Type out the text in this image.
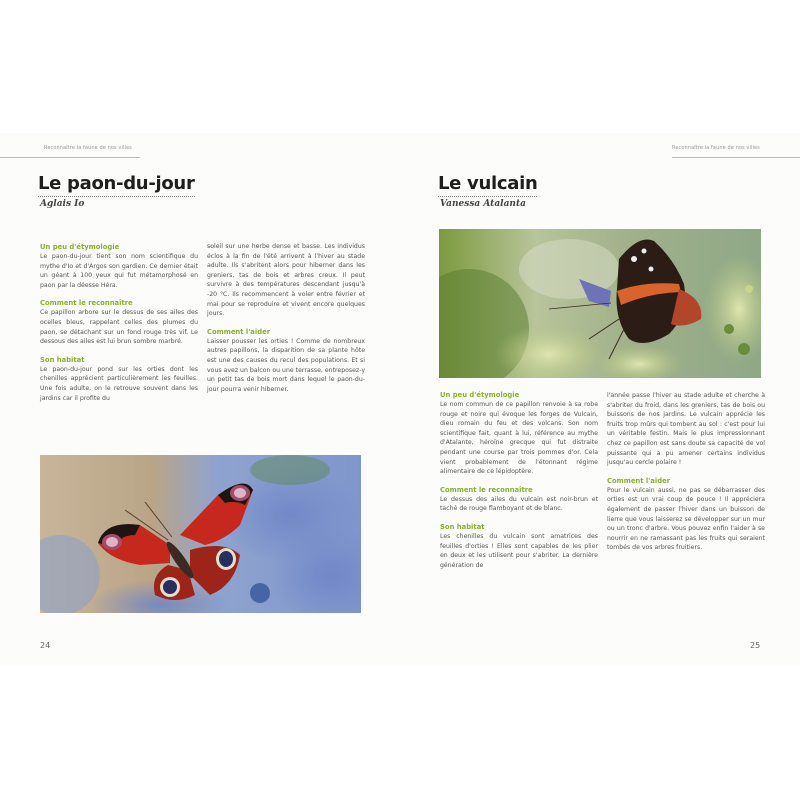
Reconnaître la faune de nos villes
Le paon-du-jour
Aglais Io
Un peu d'étymologie

Le paon-du-jour tient son nom scientifique du mythe d'Io et d'Argos son gardien. Ce dernier était un géant à 100 yeux qui fut métamorphosé en paon par la déesse Héra.

Comment le reconnaître

Ce papillon arbore sur le dessus de ses ailes des ocelles bleus, rappelant celles des plumes du paon, se détachant sur un fond rouge très vif. Le dessous des ailes est lui brun sombre marbré.

Son habitat

Le paon-du-jour pond sur les orties dont les chenilles apprécient particulièrement les feuilles. Une fois adulte, on le retrouve souvent dans les jardins car il profite du

soleil sur une herbe dense et basse. Les individus éclos à la fin de l'été arrivent à l'hiver au stade adulte. Ils s'abritent alors pour hiberner dans les greniers, tas de bois et arbres creux. Il peut survivre à des températures descendant jusqu'à -20 °C. Ils recommencent à voler entre février et mai pour se reproduire et vivent encore quelques jours.

Comment l'aider

Laisser pousser les orties ! Comme de nombreux autres papillons, la disparition de sa plante hôte est une des causes du recul des populations. Et si vous avez un balcon ou une terrasse, entreposez-y un petit tas de bois mort dans lequel le paon-du-jour pourra venir hiberner.

24
Reconnaître la faune de nos villes
Le vulcain
Vanessa Atalanta
Un peu d'étymologie

Le nom commun de ce papillon renvoie à sa robe rouge et noire qui évoque les forges de Vulcain, dieu romain du feu et des volcans. Son nom scientifique fait, quant à lui, référence au mythe d'Atalante, héroïne grecque qui fut distraite pendant une course par trois pommes d'or. Cela vient probablement de l'étonnant régime alimentaire de ce lépidoptère.

Comment le reconnaître

Le dessus des ailes du vulcain est noir-brun et taché de rouge flamboyant et de blanc.

Son habitat

Les chenilles du vulcain sont amatrices des feuilles d'orties ! Elles sont capables de les plier en deux et les utilisent pour s'abriter. La dernière génération de

l'année passe l'hiver au stade adulte et cherche à s'abriter du froid, dans les greniers, tas de bois ou buissons de nos jardins. Le vulcain apprécie les fruits trop mûrs qui tombent au sol : c'est pour lui un véritable festin. Mais le plus impressionnant chez ce papillon est sans doute sa capacité de vol puissante qui a pu amener certains individus jusqu'au cercle polaire !

Comment l'aider

Pour le vulcain aussi, ne pas se débarrasser des orties est un vrai coup de pouce ! Il appréciera également de passer l'hiver dans un buisson de lierre que vous laisserez se développer sur un mur ou un tronc d'arbre. Vous pouvez enfin l'aider à se nourrir en ne ramassant pas les fruits qui seraient tombés de vos arbres fruitiers.

25
